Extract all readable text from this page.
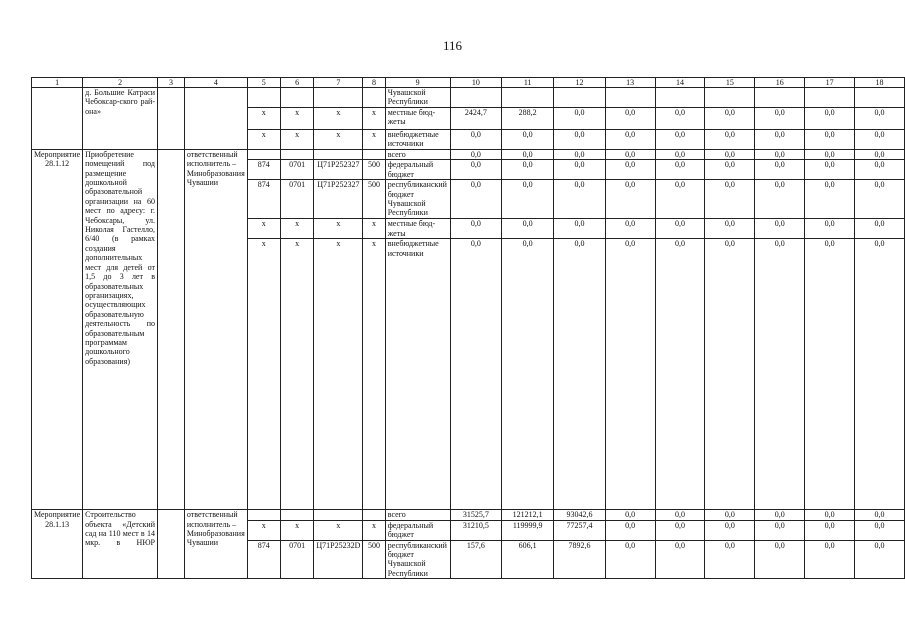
116
1	2	3	4	5	6	7	8	9	10	11	12	13	14	15	16	17	18
	д. Большие Катраси Чебоксар-ского рай-она»							Чувашской Республики									
				x	x	x	x	местные бюд-жеты	2424,7	288,2	0,0	0,0	0,0	0,0	0,0	0,0	0,0
				x	x	x	x	внебюджетные источники	0,0	0,0	0,0	0,0	0,0	0,0	0,0	0,0	0,0
Мероприятие 28.1.12	Приобретение помещений под размещение дошкольной образовательной организации на 60 мест по адресу: г. Чебоксары, ул. Николая Гастелло, 6/40 (в рамках создания дополнительных мест для детей от 1,5 до 3 лет в образовательных организациях, осуществляющих образовательную деятельность по образовательным программам дошкольного образования)		ответственный исполнитель – Минобразования Чувашии					всего	0,0	0,0	0,0	0,0	0,0	0,0	0,0	0,0	0,0
				874	0701	Ц71Р252327	500	федеральный бюджет	0,0	0,0	0,0	0,0	0,0	0,0	0,0	0,0	0,0
				874	0701	Ц71Р252327	500	республиканский бюджет Чувашской Республики	0,0	0,0	0,0	0,0	0,0	0,0	0,0	0,0	0,0
				x	x	x	x	местные бюд-жеты	0,0	0,0	0,0	0,0	0,0	0,0	0,0	0,0	0,0
				x	x	x	x	внебюджетные источники	0,0	0,0	0,0	0,0	0,0	0,0	0,0	0,0	0,0
Мероприятие 28.1.13	Строительство объекта «Детский сад на 110 мест в 14 мкр. в НЮР		ответственный исполнитель – Минобразования Чувашии					всего	31525,7	121212,1	93042,6	0,0	0,0	0,0	0,0	0,0	0,0
				x	x	x	x	федеральный бюджет	31210,5	119999,9	77257,4	0,0	0,0	0,0	0,0	0,0	0,0
				874	0701	Ц71Р25232D	500	республиканский бюджет Чувашской Республики	157,6	606,1	7892,6	0,0	0,0	0,0	0,0	0,0	0,0
